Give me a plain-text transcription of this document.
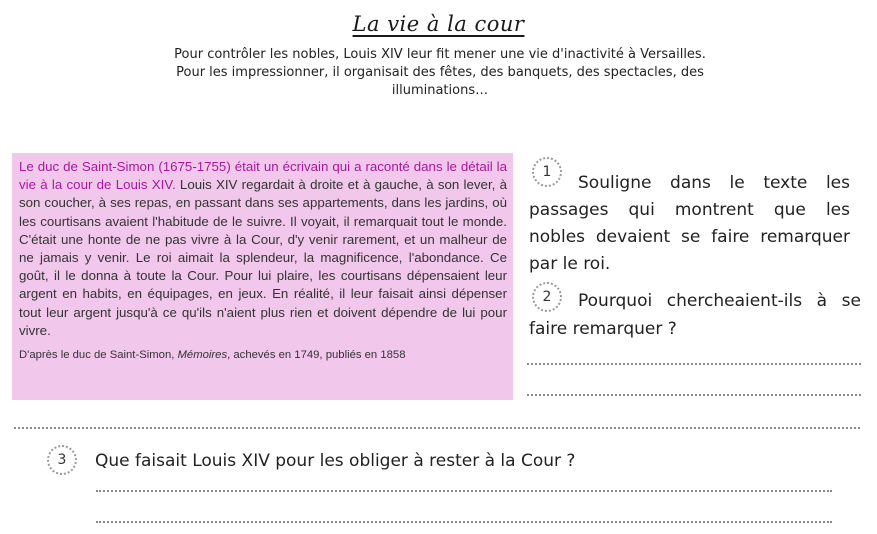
La vie à la cour
Pour contrôler les nobles, Louis XIV leur fit mener une vie d'inactivité à Versailles.
Pour les impressionner, il organisait des fêtes, des banquets, des spectacles, des
illuminations…

Le duc de Saint-Simon (1675-1755) était un écrivain qui a raconté dans le détail la vie à la cour de Louis XIV. Louis XIV regardait à droite et à gauche, à son lever, à son coucher, à ses repas, en passant dans ses appartements, dans les jardins, où les courtisans avaient l'habitude de le suivre. Il voyait, il remarquait tout le monde. C'était une honte de ne pas vivre à la Cour, d'y venir rarement, et un malheur de ne jamais y venir. Le roi aimait la splendeur, la magnificence, l'abondance. Ce goût, il le donna à toute la Cour. Pour lui plaire, les courtisans dépensaient leur argent en habits, en équipages, en jeux. En réalité, il leur faisait ainsi dépenser tout leur argent jusqu'à ce qu'ils n'aient plus rien et doivent dépendre de lui pour vivre.

D'après le duc de Saint-Simon, Mémoires, achevés en 1749, publiés en 1858
1
Souligne dans le texte les
passages qui montrent que les
nobles devaient se faire remarquer
par le roi.
2	Pourquoi chercheaient-ils à se
faire remarquer ?
3	Que faisait Louis XIV pour les obliger à rester à la Cour ?
